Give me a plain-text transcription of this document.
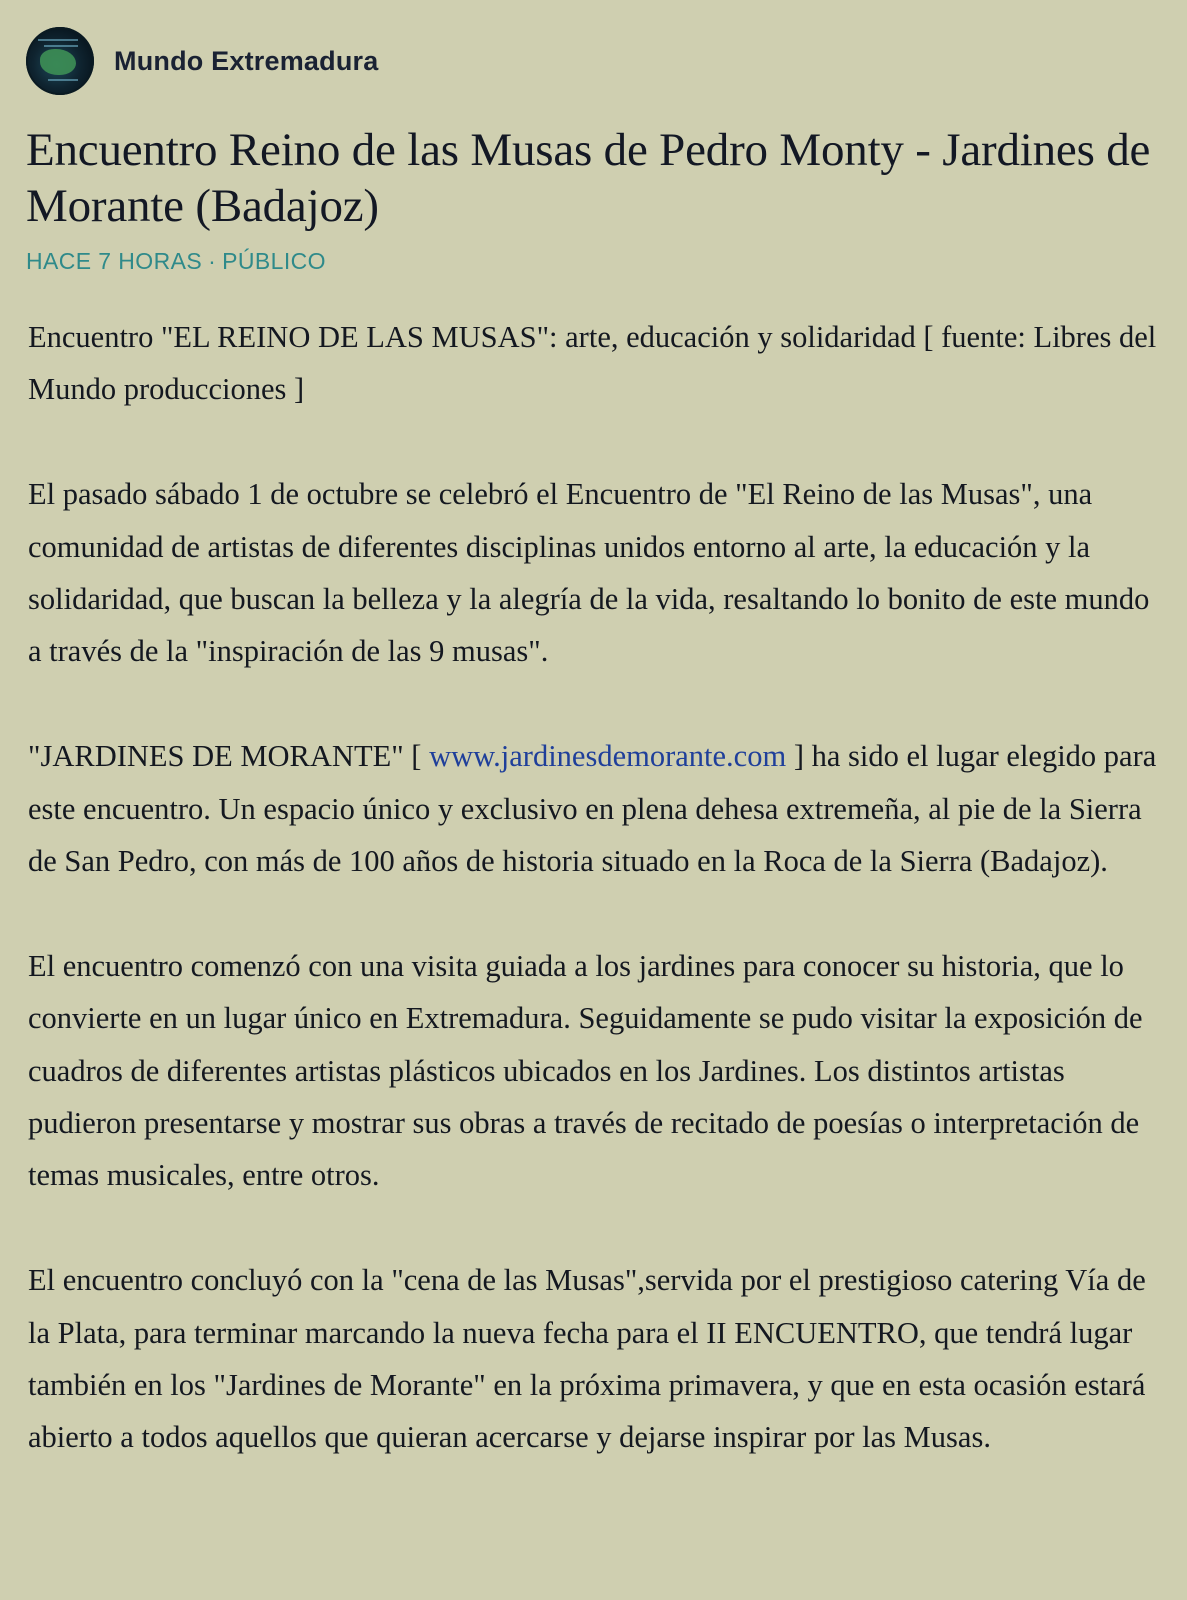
Mundo Extremadura
Encuentro Reino de las Musas de Pedro Monty - Jardines de Morante (Badajoz)
HACE 7 HORAS · PÚBLICO

Encuentro "EL REINO DE LAS MUSAS": arte, educación y solidaridad [ fuente: Libres del Mundo producciones ]

El pasado sábado 1 de octubre se celebró el Encuentro de "El Reino de las Musas", una comunidad de artistas de diferentes disciplinas unidos entorno al arte, la educación y la solidaridad, que buscan la belleza y la alegría de la vida, resaltando lo bonito de este mundo a través de la "inspiración de las 9 musas".

"JARDINES DE MORANTE" [ www.jardinesdemorante.com ] ha sido el lugar elegido para este encuentro. Un espacio único y exclusivo en plena dehesa extremeña, al pie de la Sierra de San Pedro, con más de 100 años de historia situado en la Roca de la Sierra (Badajoz).

El encuentro comenzó con una visita guiada a los jardines para conocer su historia, que lo convierte en un lugar único en Extremadura. Seguidamente se pudo visitar la exposición de cuadros de diferentes artistas plásticos ubicados en los Jardines. Los distintos artistas pudieron presentarse y mostrar sus obras a través de recitado de poesías o interpretación de temas musicales, entre otros.

El encuentro concluyó con la "cena de las Musas",servida por el prestigioso catering Vía de la Plata, para terminar marcando la nueva fecha para el II ENCUENTRO, que tendrá lugar también en los "Jardines de Morante" en la próxima primavera, y que en esta ocasión estará abierto a todos aquellos que quieran acercarse y dejarse inspirar por las Musas.
